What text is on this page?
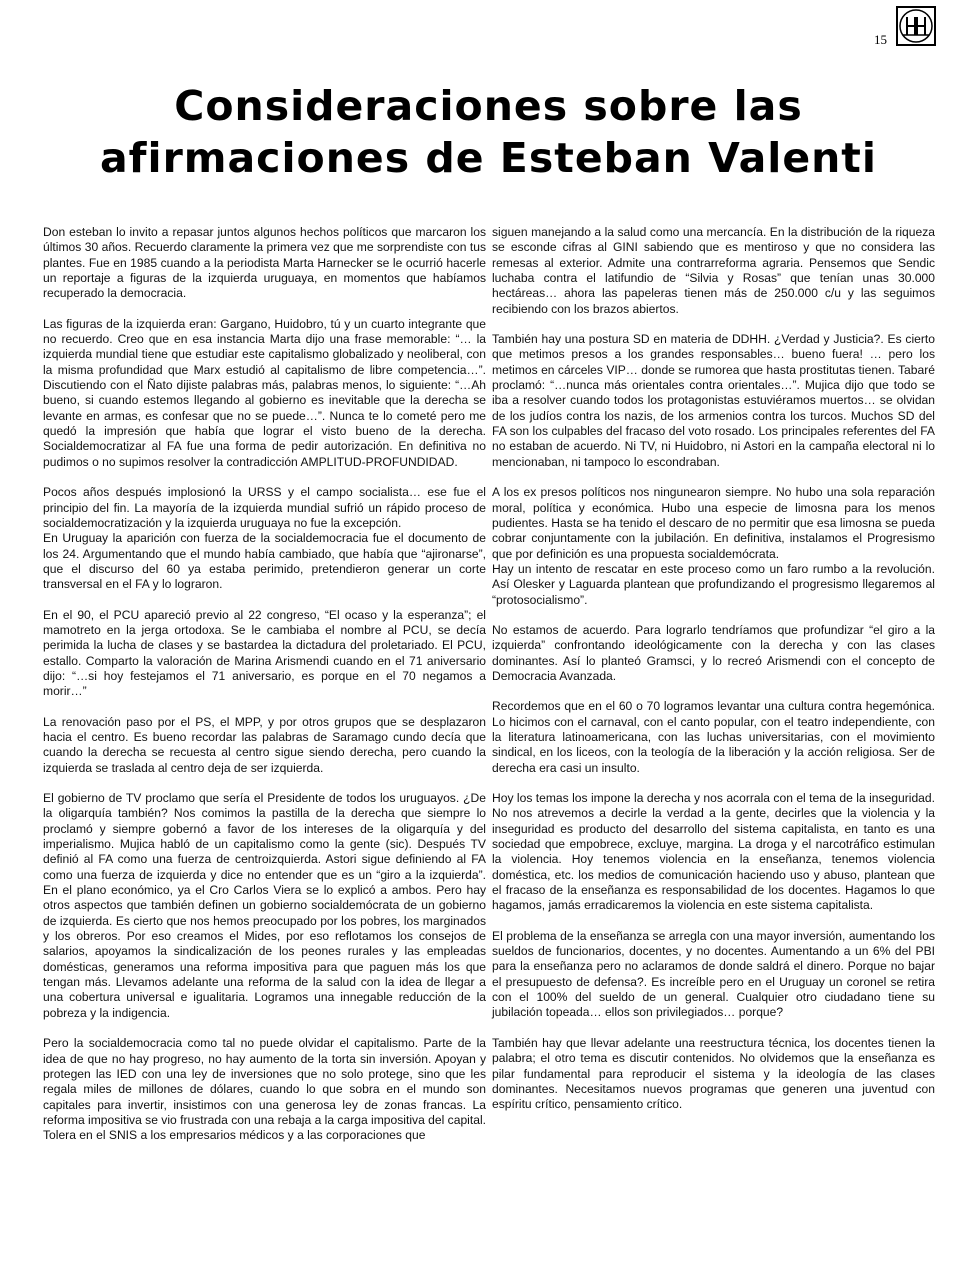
15
Consideraciones sobre las
afirmaciones de Esteban Valenti

Don esteban lo invito a repasar juntos algunos hechos políticos que marcaron los últimos 30 años. Recuerdo claramente la primera vez que me sorprendiste con tus plantes. Fue en 1985 cuando a la periodista Marta Harnecker se le ocurrió hacerle un reportaje a figuras de la izquierda uruguaya, en momentos que habíamos recuperado la democracia.

Las figuras de la izquierda eran: Gargano, Huidobro, tú y un cuarto integrante que no recuerdo. Creo que en esa instancia Marta dijo una frase memorable: “… la izquierda mundial tiene que estudiar este capitalismo globalizado y neoliberal, con la misma profundidad que Marx estudió al capitalismo de libre competencia…”. Discutiendo con el Ñato dijiste palabras más, palabras menos, lo siguiente: “…Ah bueno, si cuando estemos llegando al gobierno es inevitable que la derecha se levante en armas, es confesar que no se puede…”. Nunca te lo cometé pero me quedó la impresión que había que lograr el visto bueno de la derecha. Socialdemocratizar al FA fue una forma de pedir autorización. En definitiva no pudimos o no supimos resolver la contradicción AMPLITUD-PROFUNDIDAD.

Pocos años después implosionó la URSS y el campo socialista… ese fue el principio del fin. La mayoría de la izquierda mundial sufrió un rápido proceso de socialdemocratización y la izquierda uruguaya no fue la excepción.

En Uruguay la aparición con fuerza de la socialdemocracia fue el documento de los 24. Argumentando que el mundo había cambiado, que había que “ajironarse”, que el discurso del 60 ya estaba perimido, pretendieron generar un corte transversal en el FA y lo lograron.

En el 90, el PCU apareció previo al 22 congreso, “El ocaso y la esperanza”; el mamotreto en la jerga ortodoxa. Se le cambiaba el nombre al PCU, se decía perimida la lucha de clases y se bastardea la dictadura del proletariado. El PCU, estallo. Comparto la valoración de Marina Arismendi cuando en el 71 aniversario dijo: “…si hoy festejamos el 71 aniversario, es porque en el 70 negamos a morir…”

La renovación paso por el PS, el MPP, y por otros grupos que se desplazaron hacia el centro. Es bueno recordar las palabras de Saramago cundo decía que cuando la derecha se recuesta al centro sigue siendo derecha, pero cuando la izquierda se traslada al centro deja de ser izquierda.

El gobierno de TV proclamo que sería el Presidente de todos los uruguayos. ¿De la oligarquía también? Nos comimos la pastilla de la derecha que siempre lo proclamó y siempre gobernó a favor de los intereses de la oligarquía y del imperialismo. Mujica habló de un capitalismo como la gente (sic). Después TV definió al FA como una fuerza de centroizquierda. Astori sigue definiendo al FA como una fuerza de izquierda y dice no entender que es un “giro a la izquierda”. En el plano económico, ya el Cro Carlos Viera se lo explicó a ambos. Pero hay otros aspectos que también definen un gobierno socialdemócrata de un gobierno de izquierda. Es cierto que nos hemos preocupado por los pobres, los marginados y los obreros. Por eso creamos el Mides, por eso reflotamos los consejos de salarios, apoyamos la sindicalización de los peones rurales y las empleadas domésticas, generamos una reforma impositiva para que paguen más los que tengan más. Llevamos adelante una reforma de la salud con la idea de llegar a una cobertura universal e igualitaria. Logramos una innegable reducción de la pobreza y la indigencia.

Pero la socialdemocracia como tal no puede olvidar el capitalismo. Parte de la idea de que no hay progreso, no hay aumento de la torta sin inversión. Apoyan y protegen las IED con una ley de inversiones que no solo protege, sino que les regala miles de millones de dólares, cuando lo que sobra en el mundo son capitales para invertir, insistimos con una generosa ley de zonas francas. La reforma impositiva se vio frustrada con una rebaja a la carga impositiva del capital. Tolera en el SNIS a los empresarios médicos y a las corporaciones que

siguen manejando a la salud como una mercancía. En la distribución de la riqueza se esconde cifras al GINI sabiendo que es mentiroso y que no considera las remesas al exterior. Admite una contrarreforma agraria. Pensemos que Sendic luchaba contra el latifundio de “Silvia y Rosas” que tenían unas 30.000 hectáreas… ahora las papeleras tienen más de 250.000 c/u y las seguimos recibiendo con los brazos abiertos.

También hay una postura SD en materia de DDHH. ¿Verdad y Justicia?. Es cierto que metimos presos a los grandes responsables… bueno fuera! … pero los metimos en cárceles VIP… donde se rumorea que hasta prostitutas tienen. Tabaré proclamó: “…nunca más orientales contra orientales…”. Mujica dijo que todo se iba a resolver cuando todos los protagonistas estuviéramos muertos… se olvidan de los judíos contra los nazis, de los armenios contra los turcos. Muchos SD del FA son los culpables del fracaso del voto rosado. Los principales referentes del FA no estaban de acuerdo. Ni TV, ni Huidobro, ni Astori en la campaña electoral ni lo mencionaban, ni tampoco lo escondraban.

A los ex presos políticos nos ningunearon siempre. No hubo una sola reparación moral, política y económica. Hubo una especie de limosna para los menos pudientes. Hasta se ha tenido el descaro de no permitir que esa limosna se pueda cobrar conjuntamente con la jubilación. En definitiva, instalamos el Progresismo que por definición es una propuesta socialdemócrata.

Hay un intento de rescatar en este proceso como un faro rumbo a la revolución. Así Olesker y Laguarda plantean que profundizando el progresismo llegaremos al “protosocialismo”.

No estamos de acuerdo. Para lograrlo tendríamos que profundizar “el giro a la izquierda” confrontando ideológicamente con la derecha y con las clases dominantes. Así lo planteó Gramsci, y lo recreó Arismendi con el concepto de Democracia Avanzada.

Recordemos que en el 60 o 70 logramos levantar una cultura contra hegemónica. Lo hicimos con el carnaval, con el canto popular, con el teatro independiente, con la literatura latinoamericana, con las luchas universitarias, con el movimiento sindical, en los liceos, con la teología de la liberación y la acción religiosa. Ser de derecha era casi un insulto.

Hoy los temas los impone la derecha y nos acorrala con el tema de la inseguridad. No nos atrevemos a decirle la verdad a la gente, decirles que la violencia y la inseguridad es producto del desarrollo del sistema capitalista, en tanto es una sociedad que empobrece, excluye, margina. La droga y el narcotráfico estimulan la violencia. Hoy tenemos violencia en la enseñanza, tenemos violencia doméstica, etc. los medios de comunicación haciendo uso y abuso, plantean que el fracaso de la enseñanza es responsabilidad de los docentes. Hagamos lo que hagamos, jamás erradicaremos la violencia en este sistema capitalista.

El problema de la enseñanza se arregla con una mayor inversión, aumentando los sueldos de funcionarios, docentes, y no docentes. Aumentando a un 6% del PBI para la enseñanza pero no aclaramos de donde saldrá el dinero. Porque no bajar el presupuesto de defensa?. Es increíble pero en el Uruguay un coronel se retira con el 100% del sueldo de un general. Cualquier otro ciudadano tiene su jubilación topeada… ellos son privilegiados… porque?

También hay que llevar adelante una reestructura técnica, los docentes tienen la palabra; el otro tema es discutir contenidos. No olvidemos que la enseñanza es pilar fundamental para reproducir el sistema y la ideología de las clases dominantes. Necesitamos nuevos programas que generen una juventud con espíritu crítico, pensamiento crítico.
